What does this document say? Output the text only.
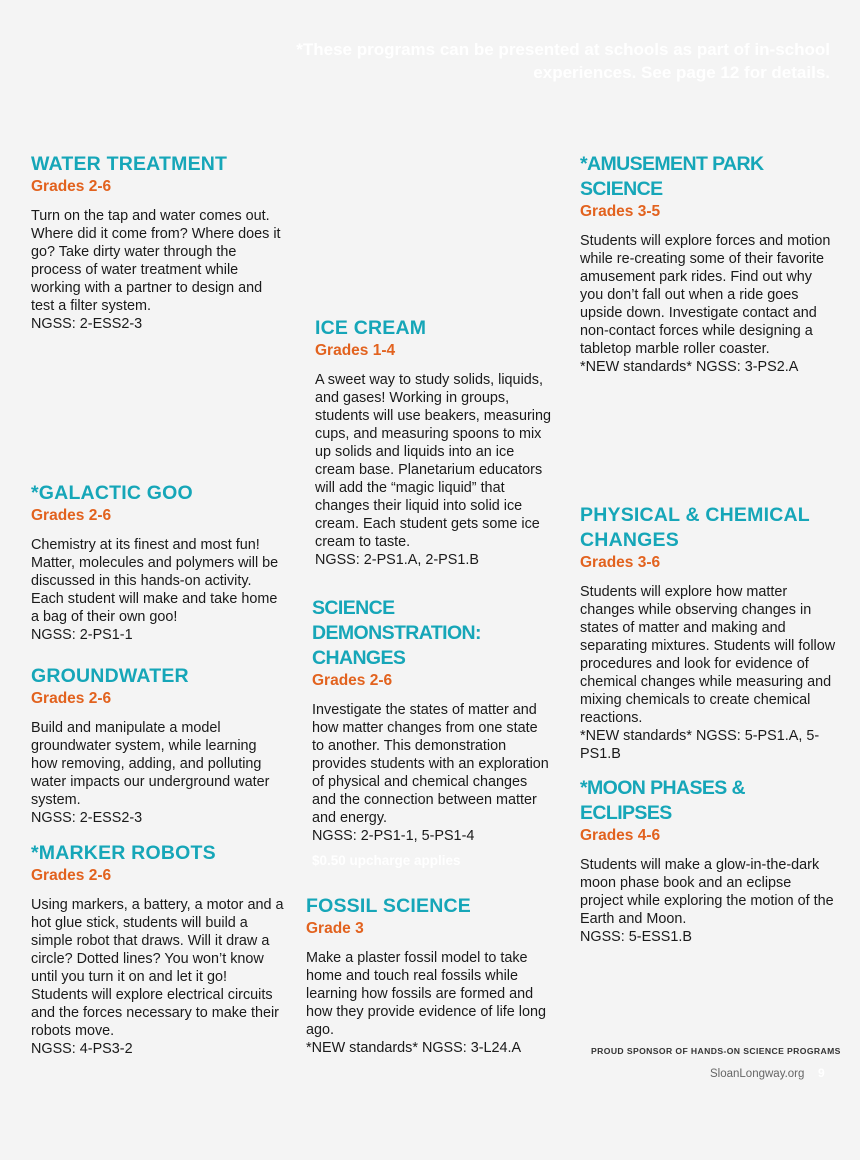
*These programs can be presented at schools as part of in-school experiences. See page 12 for details.
WATER TREATMENT
Grades 2-6

Turn on the tap and water comes out. Where did it come from? Where does it go? Take dirty water through the process of water treatment while working with a partner to design and test a filter system.

NGSS: 2-ESS2-3

*GALACTIC GOO
Grades 2-6

Chemistry at its finest and most fun! Matter, molecules and polymers will be discussed in this hands-on activity. Each student will make and take home a bag of their own goo!

NGSS: 2-PS1-1

GROUNDWATER
Grades 2-6

Build and manipulate a model groundwater system, while learning how removing, adding, and polluting water impacts our underground water system.

NGSS: 2-ESS2-3

*MARKER ROBOTS
Grades 2-6

Using markers, a battery, a motor and a hot glue stick, students will build a simple robot that draws. Will it draw a circle? Dotted lines? You won’t know until you turn it on and let it go! Students will explore electrical circuits and the forces necessary to make their robots move.

NGSS: 4-PS3-2

ICE CREAM
Grades 1-4

A sweet way to study solids, liquids, and gases! Working in groups, students will use beakers, measuring cups, and measuring spoons to mix up solids and liquids into an ice cream base. Planetarium educators will add the “magic liquid” that changes their liquid into solid ice cream. Each student gets some ice cream to taste.

NGSS: 2-PS1.A, 2-PS1.B

SCIENCE DEMONSTRATION: CHANGES
Grades 2-6

Investigate the states of matter and how matter changes from one state to another. This demonstration provides students with an exploration of physical and chemical changes and the connection between matter and energy.

NGSS: 2-PS1-1, 5-PS1-4

$0.50 upcharge applies
FOSSIL SCIENCE
Grade 3

Make a plaster fossil model to take home and touch real fossils while learning how fossils are formed and how they provide evidence of life long ago.

*NEW standards* NGSS: 3-L24.A

*AMUSEMENT PARK SCIENCE
Grades 3-5

Students will explore forces and motion while re-creating some of their favorite amusement park rides. Find out why you don’t fall out when a ride goes upside down. Investigate contact and non-contact forces while designing a tabletop marble roller coaster.

*NEW standards* NGSS: 3-PS2.A

PHYSICAL & CHEMICAL CHANGES
Grades 3-6

Students will explore how matter changes while observing changes in states of matter and making and separating mixtures. Students will follow procedures and look for evidence of chemical changes while measuring and mixing chemicals to create chemical reactions.

*NEW standards* NGSS: 5-PS1.A, 5-PS1.B

*MOON PHASES & ECLIPSES
Grades 4-6

Students will make a glow-in-the-dark moon phase book and an eclipse project while exploring the motion of the Earth and Moon.

NGSS: 5-ESS1.B

PROUD SPONSOR OF HANDS-ON SCIENCE PROGRAMS
SloanLongway.org 9
